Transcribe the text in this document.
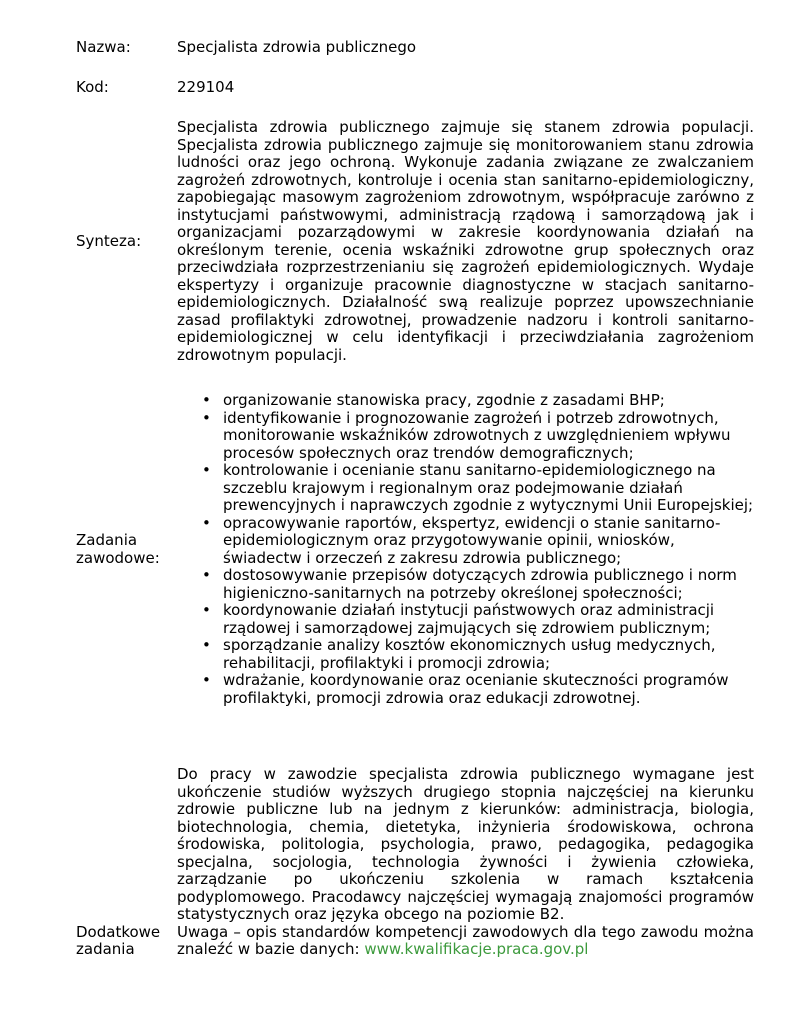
Nazwa:	Specjalista zdrowia publicznego
Kod:	229104
Synteza:
Specjalista zdrowia publicznego zajmuje się stanem zdrowia populacji. Specjalista zdrowia publicznego zajmuje się monitorowaniem stanu zdrowia ludności oraz jego ochroną. Wykonuje zadania związane ze zwalczaniem zagrożeń zdrowotnych, kontroluje i ocenia stan sanitarno-epidemiologiczny, zapobiegając masowym zagrożeniom zdrowotnym, współpracuje zarówno z instytucjami państwowymi, administracją rządową i samorządową jak i organizacjami pozarządowymi w zakresie koordynowania działań na określonym terenie, ocenia wskaźniki zdrowotne grup społecznych oraz przeciwdziała rozprzestrzenianiu się zagrożeń epidemiologicznych. Wydaje ekspertyzy i organizuje pracownie diagnostyczne w stacjach sanitarno-epidemiologicznych. Działalność swą realizuje poprzez upowszechnianie zasad profilaktyki zdrowotnej, prowadzenie nadzoru i kontroli sanitarno-epidemiologicznej w celu identyfikacji i przeciwdziałania zagrożeniom zdrowotnym populacji.
Zadania
zawodowe:
• organizowanie stanowiska pracy, zgodnie z zasadami BHP;
• identyfikowanie i prognozowanie zagrożeń i potrzeb zdrowotnych, monitorowanie wskaźników zdrowotnych z uwzględnieniem wpływu procesów społecznych oraz trendów demograficznych;
• kontrolowanie i ocenianie stanu sanitarno-epidemiologicznego na szczeblu krajowym i regionalnym oraz podejmowanie działań prewencyjnych i naprawczych zgodnie z wytycznymi Unii Europejskiej;
• opracowywanie raportów, ekspertyz, ewidencji o stanie sanitarno-epidemiologicznym oraz przygotowywanie opinii, wniosków, świadectw i orzeczeń z zakresu zdrowia publicznego;
• dostosowywanie przepisów dotyczących zdrowia publicznego i norm higieniczno-sanitarnych na potrzeby określonej społeczności;
• koordynowanie działań instytucji państwowych oraz administracji rządowej i samorządowej zajmujących się zdrowiem publicznym;
• sporządzanie analizy kosztów ekonomicznych usług medycznych, rehabilitacji, profilaktyki i promocji zdrowia;
• wdrażanie, koordynowanie oraz ocenianie skuteczności programów profilaktyki, promocji zdrowia oraz edukacji zdrowotnej.
Dodatkowe
zadania
Do pracy w zawodzie specjalista zdrowia publicznego wymagane jest ukończenie studiów wyższych drugiego stopnia najczęściej na kierunku zdrowie publiczne lub na jednym z kierunków: administracja, biologia, biotechnologia, chemia, dietetyka, inżynieria środowiskowa, ochrona środowiska, politologia, psychologia, prawo, pedagogika, pedagogika specjalna, socjologia, technologia żywności i żywienia człowieka, zarządzanie po ukończeniu szkolenia w ramach kształcenia podyplomowego. Pracodawcy najczęściej wymagają znajomości programów statystycznych oraz języka obcego na poziomie B2.
Uwaga – opis standardów kompetencji zawodowych dla tego zawodu można znaleźć w bazie danych: www.kwalifikacje.praca.gov.pl
